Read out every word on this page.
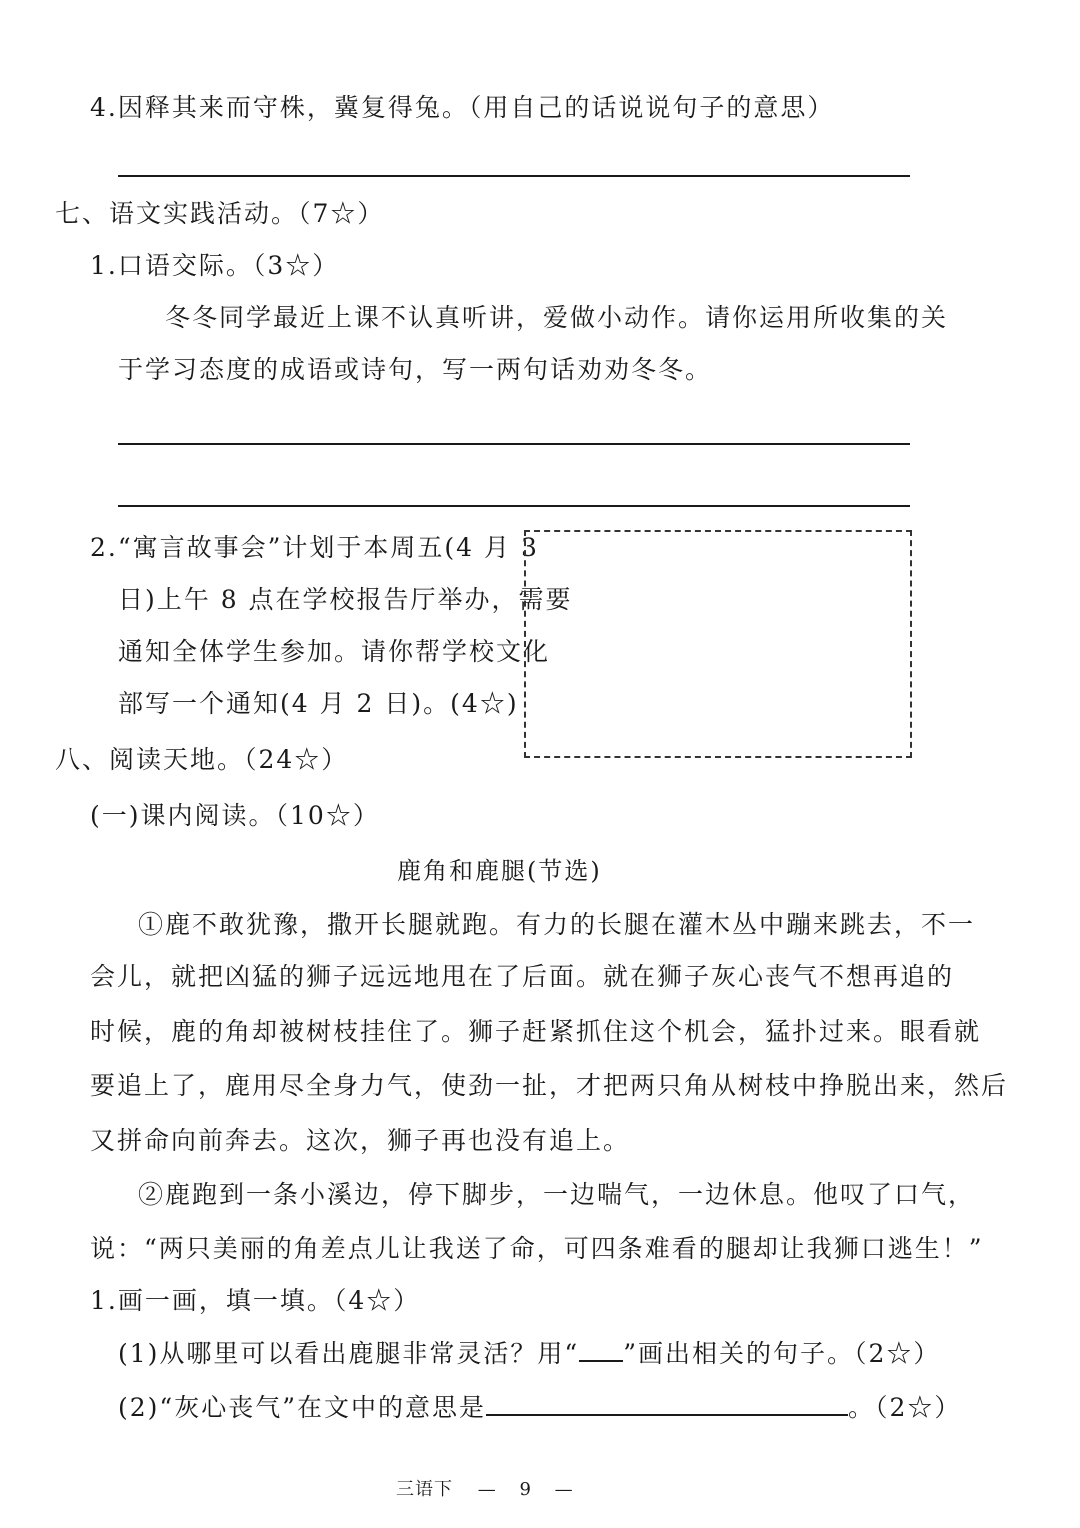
4.因释其来而守株，冀复得兔。（用自己的话说说句子的意思）
七、语文实践活动。（7☆）
1.口语交际。（3☆）
冬冬同学最近上课不认真听讲，爱做小动作。请你运用所收集的关
于学习态度的成语或诗句，写一两句话劝劝冬冬。
2.“寓言故事会”计划于本周五(4 月 3
日)上午 8 点在学校报告厅举办，需要
通知全体学生参加。请你帮学校文化
部写一个通知(4 月 2 日)。(4☆)
八、阅读天地。（24☆）
(一)课内阅读。（10☆）
鹿角和鹿腿(节选)
①鹿不敢犹豫，撒开长腿就跑。有力的长腿在灌木丛中蹦来跳去，不一
会儿，就把凶猛的狮子远远地甩在了后面。就在狮子灰心丧气不想再追的
时候，鹿的角却被树枝挂住了。狮子赶紧抓住这个机会，猛扑过来。眼看就
要追上了，鹿用尽全身力气，使劲一扯，才把两只角从树枝中挣脱出来，然后
又拼命向前奔去。这次，狮子再也没有追上。
②鹿跑到一条小溪边，停下脚步，一边喘气，一边休息。他叹了口气，
说：“两只美丽的角差点儿让我送了命，可四条难看的腿却让我狮口逃生！”
1.画一画，填一填。（4☆）
(1)从哪里可以看出鹿腿非常灵活？用“ ”画出相关的句子。（2☆）
(2)“灰心丧气”在文中的意思是	。（2☆）
三语下 — 9 —
